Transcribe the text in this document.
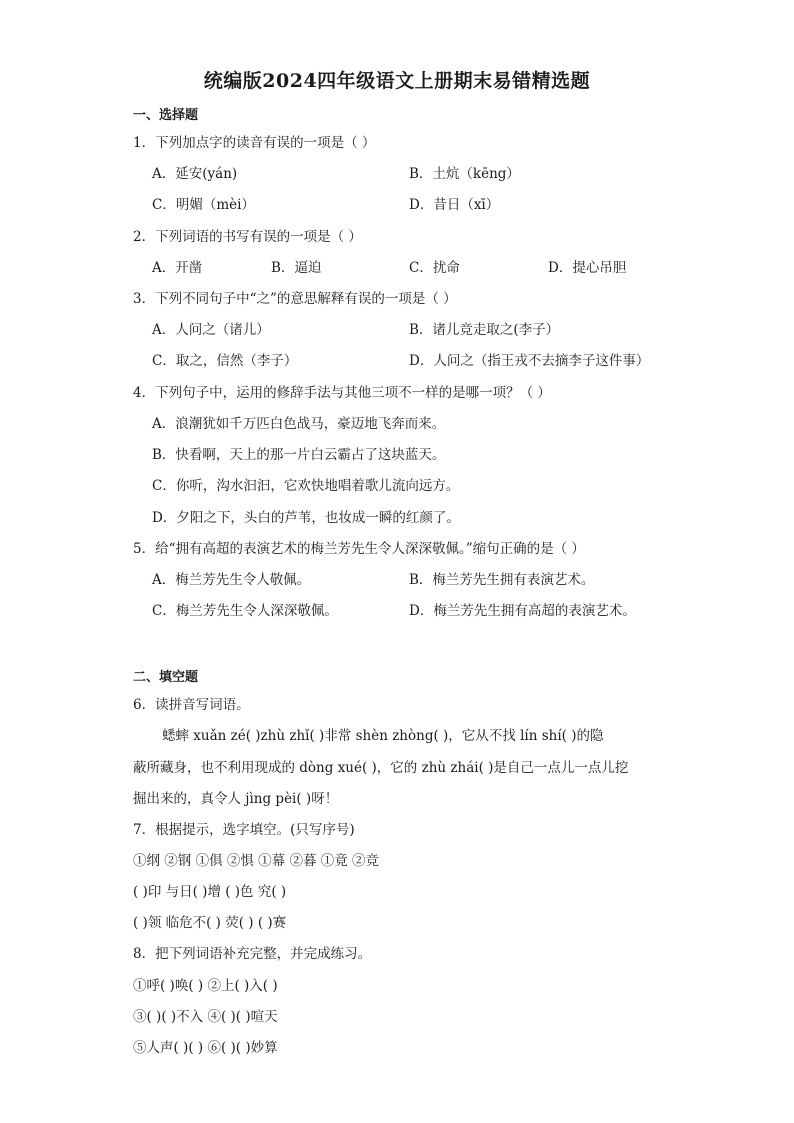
统编版2024四年级语文上册期末易错精选题
一、选择题
1．下列加点字的读音有误的一项是（ ）
A．延安(yán)	B．土炕（kēng）
C．明媚（mèi）	D．昔日（xī）
2．下列词语的书写有误的一项是（ ）
A．开凿	B．逼迫	C．扰命	D．提心吊胆
3．下列不同句子中“之”的意思解释有误的一项是（ ）
A．人问之（诸儿）	B．诸儿竞走取之(李子）
C．取之，信然（李子）	D．人问之（指王戎不去摘李子这件事）
4．下列句子中，运用的修辞手法与其他三项不一样的是哪一项？（ ）
A．浪潮犹如千万匹白色战马，豪迈地飞奔而来。
B．快看啊，天上的那一片白云霸占了这块蓝天。
C．你听，沟水汩汩，它欢快地唱着歌儿流向远方。
D．夕阳之下，头白的芦苇，也妆成一瞬的红颜了。
5．给“拥有高超的表演艺术的梅兰芳先生令人深深敬佩。”缩句正确的是（ ）
A．梅兰芳先生令人敬佩。	B．梅兰芳先生拥有表演艺术。
C．梅兰芳先生令人深深敬佩。	D．梅兰芳先生拥有高超的表演艺术。
二、填空题
6．读拼音写词语。
蟋蟀 xuǎn zé( )zhù zhǐ( )非常 shèn zhòng( )，它从不找 lín shí( )的隐
蔽所藏身，也不利用现成的 dòng xué( )，它的 zhù zhái( )是自己一点儿一点儿挖
掘出来的，真令人 jìng pèi( )呀！
7．根据提示，选字填空。(只写序号)
①纲 ②钢 ①俱 ②惧 ①幕 ②暮 ①竟 ②竞
( )印 与日( )增 ( )色 究( )
( )领 临危不( ) 荧( ) ( )赛
8．把下列词语补充完整，并完成练习。
①呼( )唤( ) ②上( )入( )
③( )( )不入 ④( )( )喧天
⑤人声( )( ) ⑥( )( )妙算
